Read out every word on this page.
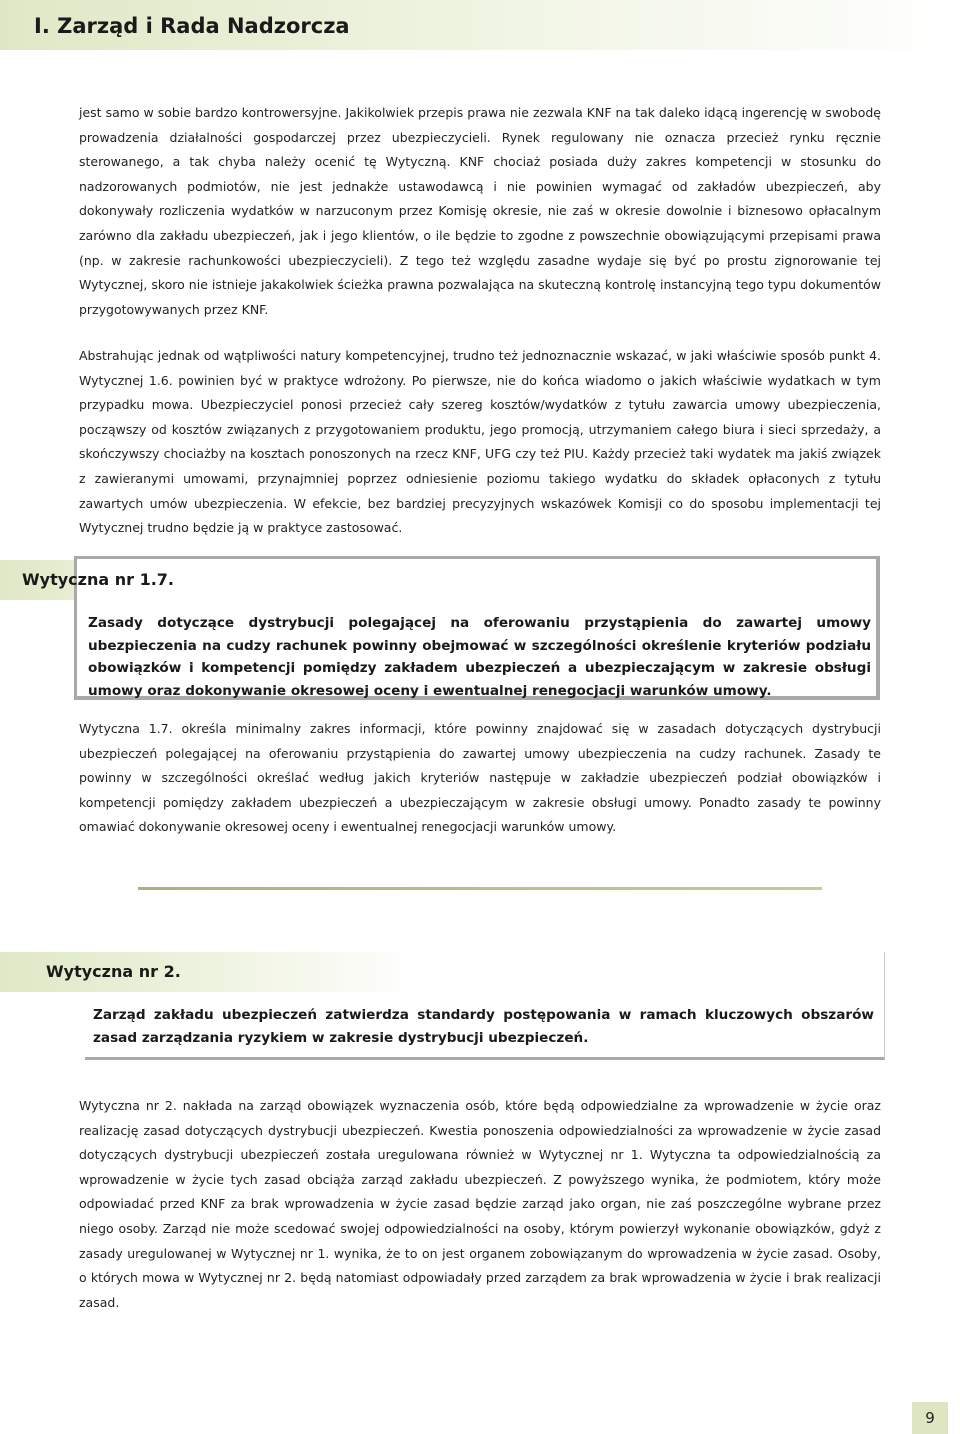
I. Zarząd i Rada Nadzorcza

jest samo w sobie bardzo kontrowersyjne. Jakikolwiek przepis prawa nie zezwala KNF na tak daleko idącą ingerencję w swobodę prowadzenia działalności gospodarczej przez ubezpieczycieli. Rynek regulowany nie oznacza przecież rynku ręcznie sterowanego, a tak chyba należy ocenić tę Wytyczną. KNF chociaż posiada duży zakres kompetencji w stosunku do nadzorowanych podmiotów, nie jest jednakże ustawodawcą i nie powinien wymagać od zakładów ubezpieczeń, aby dokonywały rozliczenia wydatków w narzuconym przez Komisję okresie, nie zaś w okresie dowolnie i biznesowo opłacalnym zarówno dla zakładu ubezpieczeń, jak i jego klientów, o ile będzie to zgodne z powszechnie obowiązującymi przepisami prawa (np. w zakresie rachunkowości ubezpieczycieli). Z tego też względu zasadne wydaje się być po prostu zignorowanie tej Wytycznej, skoro nie istnieje jakakolwiek ścieżka prawna pozwalająca na skuteczną kontrolę instancyjną tego typu dokumentów przygotowywanych przez KNF.

Abstrahując jednak od wątpliwości natury kompetencyjnej, trudno też jednoznacznie wskazać, w jaki właściwie sposób punkt 4. Wytycznej 1.6. powinien być w praktyce wdrożony. Po pierwsze, nie do końca wiadomo o jakich właściwie wydatkach w tym przypadku mowa. Ubezpieczyciel ponosi przecież cały szereg kosztów/wydatków z tytułu zawarcia umowy ubezpieczenia, począwszy od kosztów związanych z przygotowaniem produktu, jego promocją, utrzymaniem całego biura i sieci sprzedaży, a skończywszy chociażby na kosztach ponoszonych na rzecz KNF, UFG czy też PIU. Każdy przecież taki wydatek ma jakiś związek z zawieranymi umowami, przynajmniej poprzez odniesienie poziomu takiego wydatku do składek opłaconych z tytułu zawartych umów ubezpieczenia. W efekcie, bez bardziej precyzyjnych wskazówek Komisji co do sposobu implementacji tej Wytycznej trudno będzie ją w praktyce zastosować.

Zasady dotyczące dystrybucji polegającej na oferowaniu przystąpienia do zawartej umowy ubezpieczenia na cudzy rachunek powinny obejmować w szczególności określenie kryteriów podziału obowiązków i kompetencji pomiędzy zakładem ubezpieczeń a ubezpieczającym w zakresie obsługi umowy oraz dokonywanie okresowej oceny i ewentualnej renegocjacji warunków umowy.

Wytyczna nr 1.7.

Wytyczna 1.7. określa minimalny zakres informacji, które powinny znajdować się w zasadach dotyczących dystrybucji ubezpieczeń polegającej na oferowaniu przystąpienia do zawartej umowy ubezpieczenia na cudzy rachunek. Zasady te powinny w szczególności określać według jakich kryteriów następuje w zakładzie ubezpieczeń podział obowiązków i kompetencji pomiędzy zakładem ubezpieczeń a ubezpieczającym w zakresie obsługi umowy. Ponadto zasady te powinny omawiać dokonywanie okresowej oceny i ewentualnej renegocjacji warunków umowy.

Zarząd zakładu ubezpieczeń zatwierdza standardy postępowania w ramach kluczowych obszarów zasad zarządzania ryzykiem w zakresie dystrybucji ubezpieczeń.

Wytyczna nr 2.

Wytyczna nr 2. nakłada na zarząd obowiązek wyznaczenia osób, które będą odpowiedzialne za wprowadzenie w życie oraz realizację zasad dotyczących dystrybucji ubezpieczeń. Kwestia ponoszenia odpowiedzialności za wprowadzenie w życie zasad dotyczących dystrybucji ubezpieczeń została uregulowana również w Wytycznej nr 1. Wytyczna ta odpowiedzialnością za wprowadzenie w życie tych zasad obciąża zarząd zakładu ubezpieczeń. Z powyższego wynika, że podmiotem, który może odpowiadać przed KNF za brak wprowadzenia w życie zasad będzie zarząd jako organ, nie zaś poszczególne wybrane przez niego osoby. Zarząd nie może scedować swojej odpowiedzialności na osoby, którym powierzył wykonanie obowiązków, gdyż z zasady uregulowanej w Wytycznej nr 1. wynika, że to on jest organem zobowiązanym do wprowadzenia w życie zasad. Osoby, o których mowa w Wytycznej nr 2. będą natomiast odpowiadały przed zarządem za brak wprowadzenia w życie i brak realizacji zasad.

9
